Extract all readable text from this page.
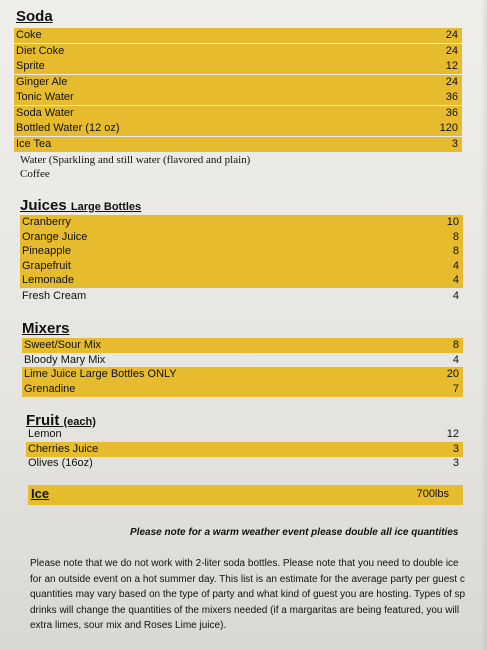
Soda
Coke	24
Diet Coke	24
Sprite	12
Ginger Ale	24
Tonic Water	36
Soda Water	36
Bottled Water (12 oz)	120
Ice Tea	3
Water (Sparkling and still water (flavored and plain)
Coffee
Juices Large Bottles
Cranberry	10
Orange Juice	8
Pineapple	8
Grapefruit	4
Lemonade	4
Fresh Cream	4
Mixers
Sweet/Sour Mix	8
Bloody Mary Mix	4
Lime Juice Large Bottles ONLY	20
Grenadine	7
Fruit (each)
Lemon	12
Cherries Juice	3
Olives (16oz)	3
Ice	700lbs
Please note for a warm weather event please double all ice quantities
Please note that we do not work with 2-liter soda bottles. Please note that you need to double ice
for an outside event on a hot summer day. This list is an estimate for the average party per guest c
quantities may vary based on the type of party and what kind of guest you are hosting. Types of sp
drinks will change the quantities of the mixers needed (if a margaritas are being featured, you will
extra limes, sour mix and Roses Lime juice).
